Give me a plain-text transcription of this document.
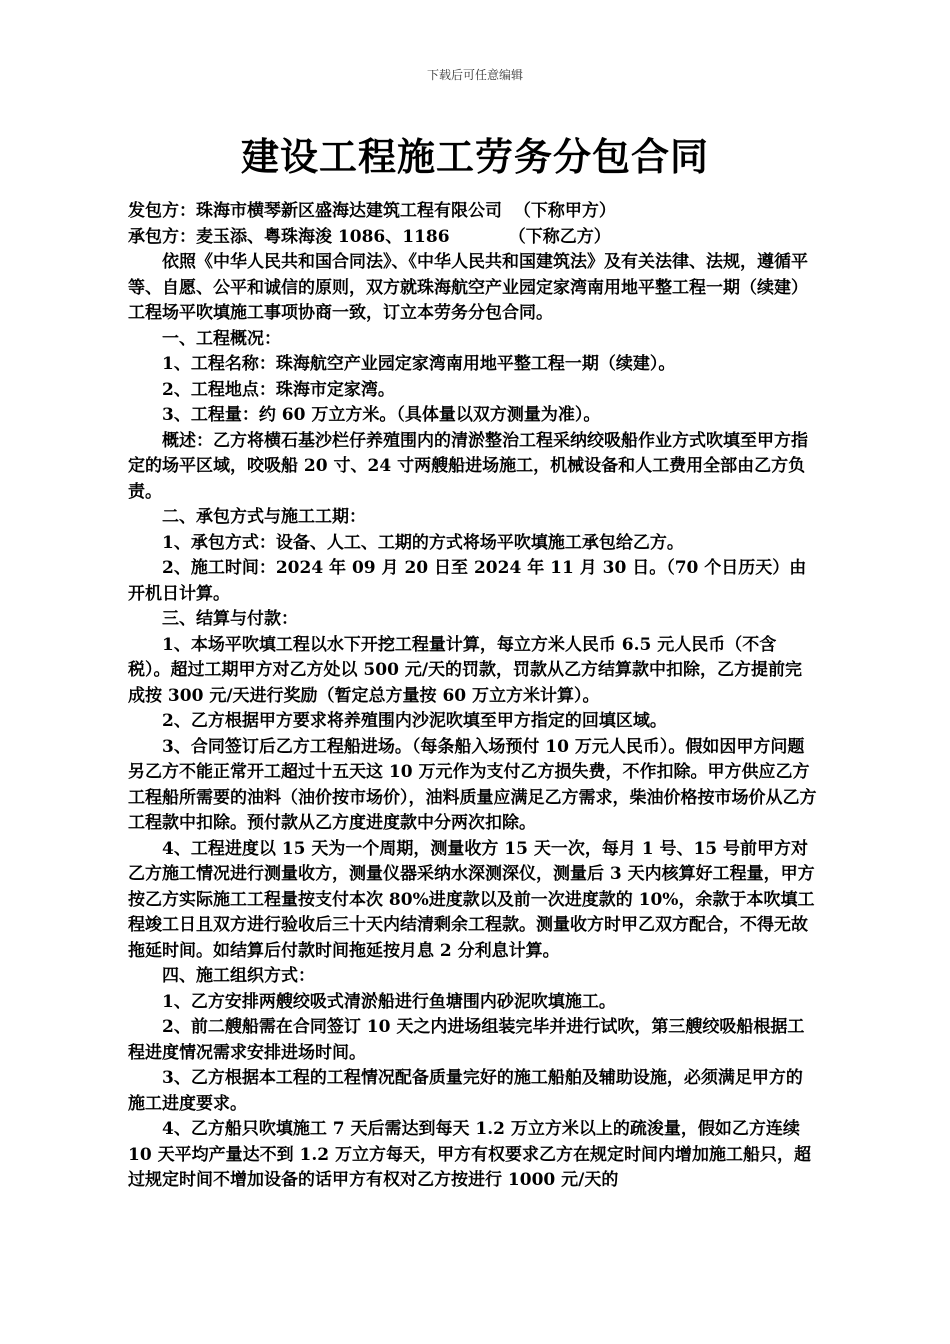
下载后可任意编辑
建设工程施工劳务分包合同

发包方：珠海市横琴新区盛海达建筑工程有限公司  （下称甲方）

承包方：麦玉添、粤珠海浚 1086、1186          （下称乙方）

依照《中华人民共和国合同法》、《中华人民共和国建筑法》及有关法律、法规，遵循平等、自愿、公平和诚信的原则，双方就珠海航空产业园定家湾南用地平整工程一期（续建）工程场平吹填施工事项协商一致，订立本劳务分包合同。

一、工程概况：

1、工程名称：珠海航空产业园定家湾南用地平整工程一期（续建）。

2、工程地点：珠海市定家湾。

3、工程量：约 60 万立方米。（具体量以双方测量为准）。

概述：乙方将横石基沙栏仔养殖围内的清淤整治工程采纳绞吸船作业方式吹填至甲方指定的场平区域，咬吸船 20 寸、24 寸两艘船进场施工，机械设备和人工费用全部由乙方负责。

二、承包方式与施工工期：

1、承包方式：设备、人工、工期的方式将场平吹填施工承包给乙方。

2、施工时间：2024 年 09 月 20 日至 2024 年 11 月 30 日。（70 个日历天）由开机日计算。

三、结算与付款：

1、本场平吹填工程以水下开挖工程量计算，每立方米人民币 6.5 元人民币（不含税）。超过工期甲方对乙方处以 500 元/天的罚款，罚款从乙方结算款中扣除，乙方提前完成按 300 元/天进行奖励（暂定总方量按 60 万立方米计算）。

2、乙方根据甲方要求将养殖围内沙泥吹填至甲方指定的回填区域。

3、合同签订后乙方工程船进场。（每条船入场预付 10 万元人民币）。假如因甲方问题另乙方不能正常开工超过十五天这 10 万元作为支付乙方损失费，不作扣除。甲方供应乙方工程船所需要的油料（油价按市场价），油料质量应满足乙方需求，柴油价格按市场价从乙方工程款中扣除。预付款从乙方度进度款中分两次扣除。

4、工程进度以 15 天为一个周期，测量收方 15 天一次，每月 1 号、15 号前甲方对乙方施工情况进行测量收方，测量仪器采纳水深测深仪，测量后 3 天内核算好工程量，甲方按乙方实际施工工程量按支付本次 80%进度款以及前一次进度款的 10%，余款于本吹填工程竣工日且双方进行验收后三十天内结清剩余工程款。测量收方时甲乙双方配合，不得无故拖延时间。如结算后付款时间拖延按月息 2 分利息计算。

四、施工组织方式：

1、乙方安排两艘绞吸式清淤船进行鱼塘围内砂泥吹填施工。

2、前二艘船需在合同签订 10 天之内进场组装完毕并进行试吹，第三艘绞吸船根据工程进度情况需求安排进场时间。

3、乙方根据本工程的工程情况配备质量完好的施工船舶及辅助设施，必须满足甲方的施工进度要求。

4、乙方船只吹填施工 7 天后需达到每天 1.2 万立方米以上的疏浚量，假如乙方连续 10 天平均产量达不到 1.2 万立方每天，甲方有权要求乙方在规定时间内增加施工船只，超过规定时间不增加设备的话甲方有权对乙方按进行 1000 元/天的
